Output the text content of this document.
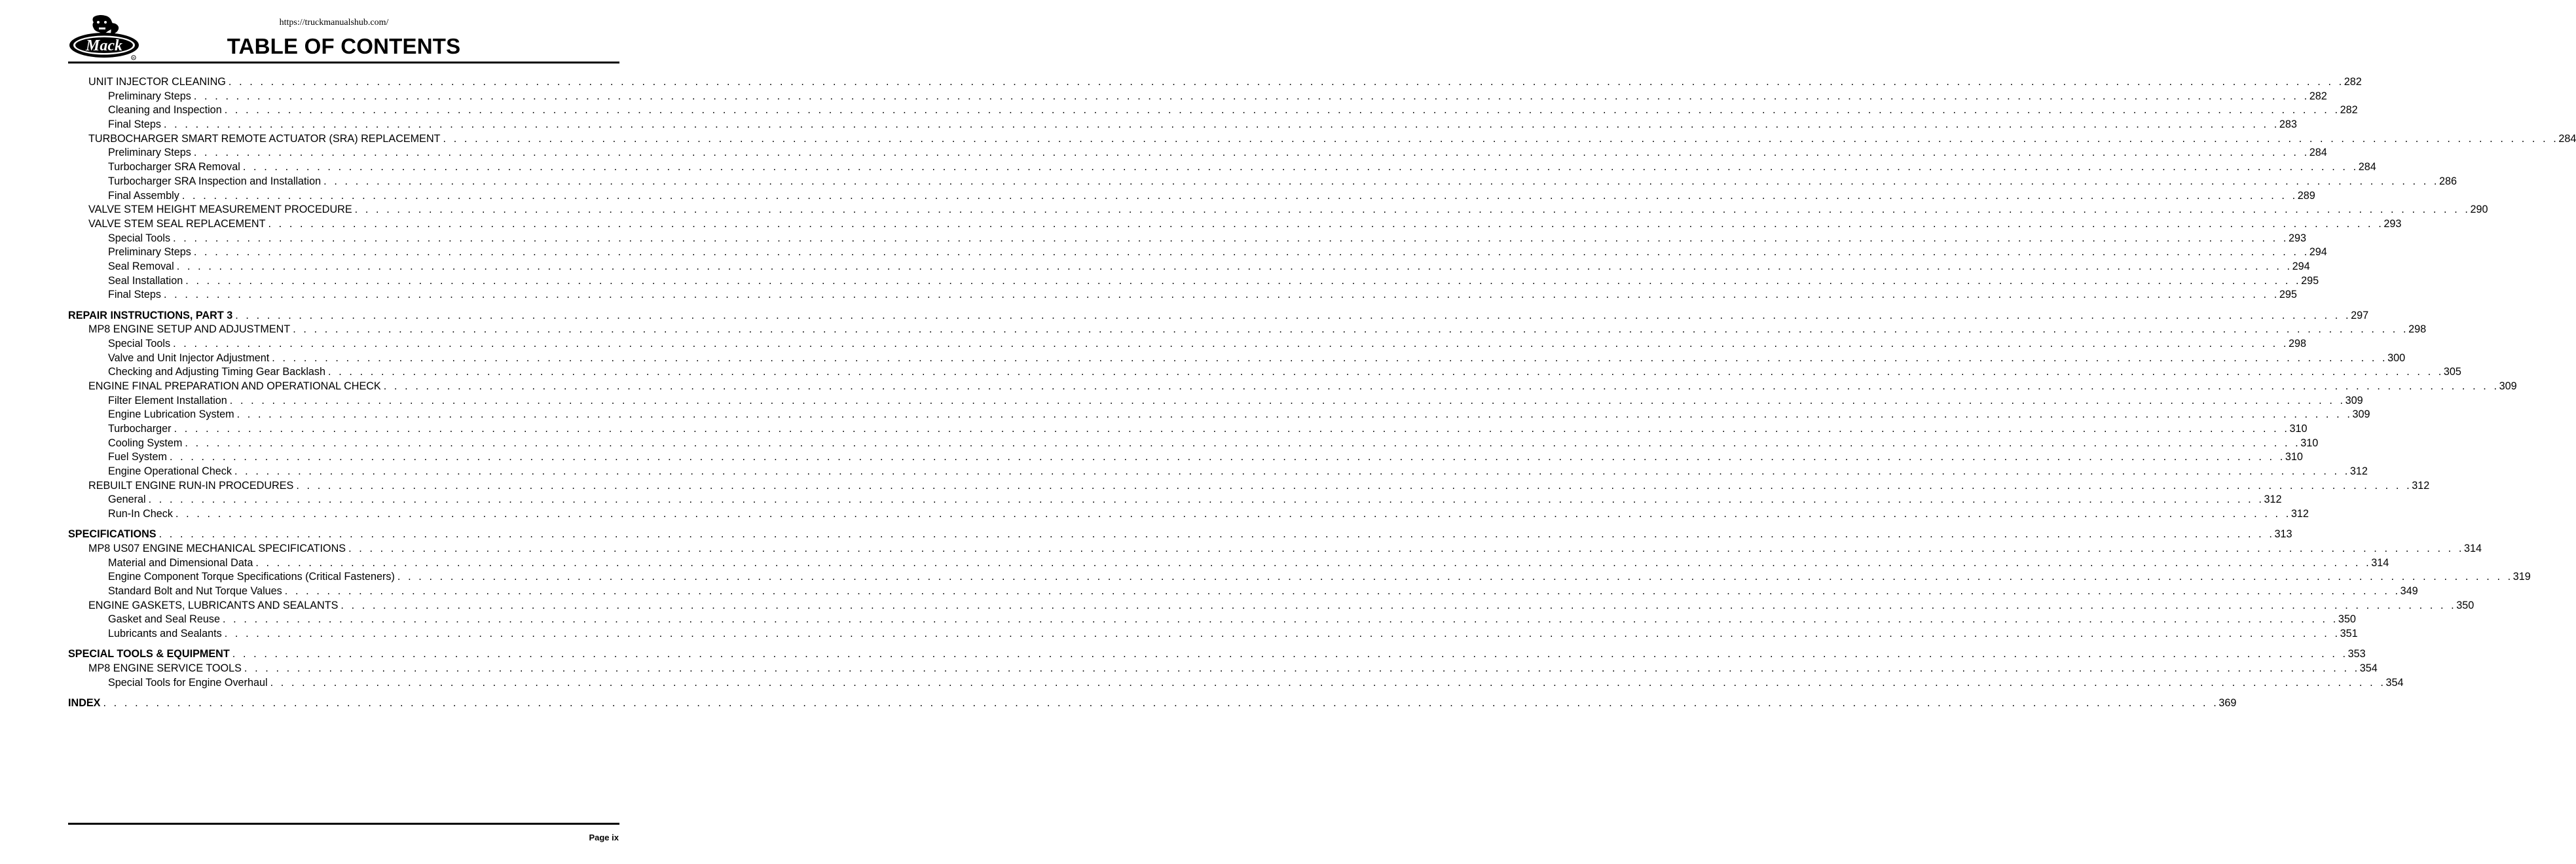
https://truckmanualshub.com/
Mack
R	TABLE OF CONTENTS
UNIT INJECTOR CLEANING . . . . . . . . . . . . . . . . . . . . . . . . . . . . . . . . . . . . . . . . . . . . . . . . . . . . . . . . . . . . . . . . . . . . . . . . . . . . . . . . . . . . . . . . . . . . . . . . . . . . . . . . . . . . . . . . . . . . . . . . . . . . . . . . . . . . . . . . . . . . . . . . . . . . . . . . . . . . . . . . . . . . . . . . . . . . . . . . . . . . . . . . . . . . . . . . . . . . . . . . 282
Preliminary Steps . . . . . . . . . . . . . . . . . . . . . . . . . . . . . . . . . . . . . . . . . . . . . . . . . . . . . . . . . . . . . . . . . . . . . . . . . . . . . . . . . . . . . . . . . . . . . . . . . . . . . . . . . . . . . . . . . . . . . . . . . . . . . . . . . . . . . . . . . . . . . . . . . . . . . . . . . . . . . . . . . . . . . . . . . . . . . . . . . . . . . . . . . . . . . . . . . . . . . . . . 282
Cleaning and Inspection . . . . . . . . . . . . . . . . . . . . . . . . . . . . . . . . . . . . . . . . . . . . . . . . . . . . . . . . . . . . . . . . . . . . . . . . . . . . . . . . . . . . . . . . . . . . . . . . . . . . . . . . . . . . . . . . . . . . . . . . . . . . . . . . . . . . . . . . . . . . . . . . . . . . . . . . . . . . . . . . . . . . . . . . . . . . . . . . . . . . . . . . . . . . . . . . . . . . . . . . 282
Final Steps . . . . . . . . . . . . . . . . . . . . . . . . . . . . . . . . . . . . . . . . . . . . . . . . . . . . . . . . . . . . . . . . . . . . . . . . . . . . . . . . . . . . . . . . . . . . . . . . . . . . . . . . . . . . . . . . . . . . . . . . . . . . . . . . . . . . . . . . . . . . . . . . . . . . . . . . . . . . . . . . . . . . . . . . . . . . . . . . . . . . . . . . . . . . . . . . . . . . . . . . 283
TURBOCHARGER SMART REMOTE ACTUATOR (SRA) REPLACEMENT . . . . . . . . . . . . . . . . . . . . . . . . . . . . . . . . . . . . . . . . . . . . . . . . . . . . . . . . . . . . . . . . . . . . . . . . . . . . . . . . . . . . . . . . . . . . . . . . . . . . . . . . . . . . . . . . . . . . . . . . . . . . . . . . . . . . . . . . . . . . . . . . . . . . . . . . . . . . . . . . . . . . . . . . . . . . . . . . . . . . . . . . . . . . . . . . . . . . . . . . 284
Preliminary Steps . . . . . . . . . . . . . . . . . . . . . . . . . . . . . . . . . . . . . . . . . . . . . . . . . . . . . . . . . . . . . . . . . . . . . . . . . . . . . . . . . . . . . . . . . . . . . . . . . . . . . . . . . . . . . . . . . . . . . . . . . . . . . . . . . . . . . . . . . . . . . . . . . . . . . . . . . . . . . . . . . . . . . . . . . . . . . . . . . . . . . . . . . . . . . . . . . . . . . . . . 284
Turbocharger SRA Removal . . . . . . . . . . . . . . . . . . . . . . . . . . . . . . . . . . . . . . . . . . . . . . . . . . . . . . . . . . . . . . . . . . . . . . . . . . . . . . . . . . . . . . . . . . . . . . . . . . . . . . . . . . . . . . . . . . . . . . . . . . . . . . . . . . . . . . . . . . . . . . . . . . . . . . . . . . . . . . . . . . . . . . . . . . . . . . . . . . . . . . . . . . . . . . . . . . . . . . . . 284
Turbocharger SRA Inspection and Installation . . . . . . . . . . . . . . . . . . . . . . . . . . . . . . . . . . . . . . . . . . . . . . . . . . . . . . . . . . . . . . . . . . . . . . . . . . . . . . . . . . . . . . . . . . . . . . . . . . . . . . . . . . . . . . . . . . . . . . . . . . . . . . . . . . . . . . . . . . . . . . . . . . . . . . . . . . . . . . . . . . . . . . . . . . . . . . . . . . . . . . . . . . . . . . . . . . . . . . . . 286
Final Assembly . . . . . . . . . . . . . . . . . . . . . . . . . . . . . . . . . . . . . . . . . . . . . . . . . . . . . . . . . . . . . . . . . . . . . . . . . . . . . . . . . . . . . . . . . . . . . . . . . . . . . . . . . . . . . . . . . . . . . . . . . . . . . . . . . . . . . . . . . . . . . . . . . . . . . . . . . . . . . . . . . . . . . . . . . . . . . . . . . . . . . . . . . . . . . . . . . . . . . . . . 289
VALVE STEM HEIGHT MEASUREMENT PROCEDURE . . . . . . . . . . . . . . . . . . . . . . . . . . . . . . . . . . . . . . . . . . . . . . . . . . . . . . . . . . . . . . . . . . . . . . . . . . . . . . . . . . . . . . . . . . . . . . . . . . . . . . . . . . . . . . . . . . . . . . . . . . . . . . . . . . . . . . . . . . . . . . . . . . . . . . . . . . . . . . . . . . . . . . . . . . . . . . . . . . . . . . . . . . . . . . . . . . . . . . . . 290
VALVE STEM SEAL REPLACEMENT . . . . . . . . . . . . . . . . . . . . . . . . . . . . . . . . . . . . . . . . . . . . . . . . . . . . . . . . . . . . . . . . . . . . . . . . . . . . . . . . . . . . . . . . . . . . . . . . . . . . . . . . . . . . . . . . . . . . . . . . . . . . . . . . . . . . . . . . . . . . . . . . . . . . . . . . . . . . . . . . . . . . . . . . . . . . . . . . . . . . . . . . . . . . . . . . . . . . . . . . 293
Special Tools . . . . . . . . . . . . . . . . . . . . . . . . . . . . . . . . . . . . . . . . . . . . . . . . . . . . . . . . . . . . . . . . . . . . . . . . . . . . . . . . . . . . . . . . . . . . . . . . . . . . . . . . . . . . . . . . . . . . . . . . . . . . . . . . . . . . . . . . . . . . . . . . . . . . . . . . . . . . . . . . . . . . . . . . . . . . . . . . . . . . . . . . . . . . . . . . . . . . . . . . 293
Preliminary Steps . . . . . . . . . . . . . . . . . . . . . . . . . . . . . . . . . . . . . . . . . . . . . . . . . . . . . . . . . . . . . . . . . . . . . . . . . . . . . . . . . . . . . . . . . . . . . . . . . . . . . . . . . . . . . . . . . . . . . . . . . . . . . . . . . . . . . . . . . . . . . . . . . . . . . . . . . . . . . . . . . . . . . . . . . . . . . . . . . . . . . . . . . . . . . . . . . . . . . . . . 294
Seal Removal . . . . . . . . . . . . . . . . . . . . . . . . . . . . . . . . . . . . . . . . . . . . . . . . . . . . . . . . . . . . . . . . . . . . . . . . . . . . . . . . . . . . . . . . . . . . . . . . . . . . . . . . . . . . . . . . . . . . . . . . . . . . . . . . . . . . . . . . . . . . . . . . . . . . . . . . . . . . . . . . . . . . . . . . . . . . . . . . . . . . . . . . . . . . . . . . . . . . . . . . 294
Seal Installation . . . . . . . . . . . . . . . . . . . . . . . . . . . . . . . . . . . . . . . . . . . . . . . . . . . . . . . . . . . . . . . . . . . . . . . . . . . . . . . . . . . . . . . . . . . . . . . . . . . . . . . . . . . . . . . . . . . . . . . . . . . . . . . . . . . . . . . . . . . . . . . . . . . . . . . . . . . . . . . . . . . . . . . . . . . . . . . . . . . . . . . . . . . . . . . . . . . . . . . . 295
Final Steps . . . . . . . . . . . . . . . . . . . . . . . . . . . . . . . . . . . . . . . . . . . . . . . . . . . . . . . . . . . . . . . . . . . . . . . . . . . . . . . . . . . . . . . . . . . . . . . . . . . . . . . . . . . . . . . . . . . . . . . . . . . . . . . . . . . . . . . . . . . . . . . . . . . . . . . . . . . . . . . . . . . . . . . . . . . . . . . . . . . . . . . . . . . . . . . . . . . . . . . . 295
REPAIR INSTRUCTIONS, PART 3 . . . . . . . . . . . . . . . . . . . . . . . . . . . . . . . . . . . . . . . . . . . . . . . . . . . . . . . . . . . . . . . . . . . . . . . . . . . . . . . . . . . . . . . . . . . . . . . . . . . . . . . . . . . . . . . . . . . . . . . . . . . . . . . . . . . . . . . . . . . . . . . . . . . . . . . . . . . . . . . . . . . . . . . . . . . . . . . . . . . . . . . . . . . . . . . . . . . . . . . . 297
MP8 ENGINE SETUP AND ADJUSTMENT . . . . . . . . . . . . . . . . . . . . . . . . . . . . . . . . . . . . . . . . . . . . . . . . . . . . . . . . . . . . . . . . . . . . . . . . . . . . . . . . . . . . . . . . . . . . . . . . . . . . . . . . . . . . . . . . . . . . . . . . . . . . . . . . . . . . . . . . . . . . . . . . . . . . . . . . . . . . . . . . . . . . . . . . . . . . . . . . . . . . . . . . . . . . . . . . . . . . . . . . 298
Special Tools . . . . . . . . . . . . . . . . . . . . . . . . . . . . . . . . . . . . . . . . . . . . . . . . . . . . . . . . . . . . . . . . . . . . . . . . . . . . . . . . . . . . . . . . . . . . . . . . . . . . . . . . . . . . . . . . . . . . . . . . . . . . . . . . . . . . . . . . . . . . . . . . . . . . . . . . . . . . . . . . . . . . . . . . . . . . . . . . . . . . . . . . . . . . . . . . . . . . . . . . 298
Valve and Unit Injector Adjustment . . . . . . . . . . . . . . . . . . . . . . . . . . . . . . . . . . . . . . . . . . . . . . . . . . . . . . . . . . . . . . . . . . . . . . . . . . . . . . . . . . . . . . . . . . . . . . . . . . . . . . . . . . . . . . . . . . . . . . . . . . . . . . . . . . . . . . . . . . . . . . . . . . . . . . . . . . . . . . . . . . . . . . . . . . . . . . . . . . . . . . . . . . . . . . . . . . . . . . . . 300
Checking and Adjusting Timing Gear Backlash . . . . . . . . . . . . . . . . . . . . . . . . . . . . . . . . . . . . . . . . . . . . . . . . . . . . . . . . . . . . . . . . . . . . . . . . . . . . . . . . . . . . . . . . . . . . . . . . . . . . . . . . . . . . . . . . . . . . . . . . . . . . . . . . . . . . . . . . . . . . . . . . . . . . . . . . . . . . . . . . . . . . . . . . . . . . . . . . . . . . . . . . . . . . . . . . . . . . . . . . 305
ENGINE FINAL PREPARATION AND OPERATIONAL CHECK . . . . . . . . . . . . . . . . . . . . . . . . . . . . . . . . . . . . . . . . . . . . . . . . . . . . . . . . . . . . . . . . . . . . . . . . . . . . . . . . . . . . . . . . . . . . . . . . . . . . . . . . . . . . . . . . . . . . . . . . . . . . . . . . . . . . . . . . . . . . . . . . . . . . . . . . . . . . . . . . . . . . . . . . . . . . . . . . . . . . . . . . . . . . . . . . . . . . . . . . 309
Filter Element Installation . . . . . . . . . . . . . . . . . . . . . . . . . . . . . . . . . . . . . . . . . . . . . . . . . . . . . . . . . . . . . . . . . . . . . . . . . . . . . . . . . . . . . . . . . . . . . . . . . . . . . . . . . . . . . . . . . . . . . . . . . . . . . . . . . . . . . . . . . . . . . . . . . . . . . . . . . . . . . . . . . . . . . . . . . . . . . . . . . . . . . . . . . . . . . . . . . . . . . . . . 309
Engine Lubrication System . . . . . . . . . . . . . . . . . . . . . . . . . . . . . . . . . . . . . . . . . . . . . . . . . . . . . . . . . . . . . . . . . . . . . . . . . . . . . . . . . . . . . . . . . . . . . . . . . . . . . . . . . . . . . . . . . . . . . . . . . . . . . . . . . . . . . . . . . . . . . . . . . . . . . . . . . . . . . . . . . . . . . . . . . . . . . . . . . . . . . . . . . . . . . . . . . . . . . . . . 309
Turbocharger . . . . . . . . . . . . . . . . . . . . . . . . . . . . . . . . . . . . . . . . . . . . . . . . . . . . . . . . . . . . . . . . . . . . . . . . . . . . . . . . . . . . . . . . . . . . . . . . . . . . . . . . . . . . . . . . . . . . . . . . . . . . . . . . . . . . . . . . . . . . . . . . . . . . . . . . . . . . . . . . . . . . . . . . . . . . . . . . . . . . . . . . . . . . . . . . . . . . . . . . 310
Cooling System . . . . . . . . . . . . . . . . . . . . . . . . . . . . . . . . . . . . . . . . . . . . . . . . . . . . . . . . . . . . . . . . . . . . . . . . . . . . . . . . . . . . . . . . . . . . . . . . . . . . . . . . . . . . . . . . . . . . . . . . . . . . . . . . . . . . . . . . . . . . . . . . . . . . . . . . . . . . . . . . . . . . . . . . . . . . . . . . . . . . . . . . . . . . . . . . . . . . . . . . 310
Fuel System . . . . . . . . . . . . . . . . . . . . . . . . . . . . . . . . . . . . . . . . . . . . . . . . . . . . . . . . . . . . . . . . . . . . . . . . . . . . . . . . . . . . . . . . . . . . . . . . . . . . . . . . . . . . . . . . . . . . . . . . . . . . . . . . . . . . . . . . . . . . . . . . . . . . . . . . . . . . . . . . . . . . . . . . . . . . . . . . . . . . . . . . . . . . . . . . . . . . . . . . 310
Engine Operational Check . . . . . . . . . . . . . . . . . . . . . . . . . . . . . . . . . . . . . . . . . . . . . . . . . . . . . . . . . . . . . . . . . . . . . . . . . . . . . . . . . . . . . . . . . . . . . . . . . . . . . . . . . . . . . . . . . . . . . . . . . . . . . . . . . . . . . . . . . . . . . . . . . . . . . . . . . . . . . . . . . . . . . . . . . . . . . . . . . . . . . . . . . . . . . . . . . . . . . . . . 312
REBUILT ENGINE RUN-IN PROCEDURES . . . . . . . . . . . . . . . . . . . . . . . . . . . . . . . . . . . . . . . . . . . . . . . . . . . . . . . . . . . . . . . . . . . . . . . . . . . . . . . . . . . . . . . . . . . . . . . . . . . . . . . . . . . . . . . . . . . . . . . . . . . . . . . . . . . . . . . . . . . . . . . . . . . . . . . . . . . . . . . . . . . . . . . . . . . . . . . . . . . . . . . . . . . . . . . . . . . . . . . . 312
General . . . . . . . . . . . . . . . . . . . . . . . . . . . . . . . . . . . . . . . . . . . . . . . . . . . . . . . . . . . . . . . . . . . . . . . . . . . . . . . . . . . . . . . . . . . . . . . . . . . . . . . . . . . . . . . . . . . . . . . . . . . . . . . . . . . . . . . . . . . . . . . . . . . . . . . . . . . . . . . . . . . . . . . . . . . . . . . . . . . . . . . . . . . . . . . . . . . . . . . . 312
Run-In Check . . . . . . . . . . . . . . . . . . . . . . . . . . . . . . . . . . . . . . . . . . . . . . . . . . . . . . . . . . . . . . . . . . . . . . . . . . . . . . . . . . . . . . . . . . . . . . . . . . . . . . . . . . . . . . . . . . . . . . . . . . . . . . . . . . . . . . . . . . . . . . . . . . . . . . . . . . . . . . . . . . . . . . . . . . . . . . . . . . . . . . . . . . . . . . . . . . . . . . . . 312
SPECIFICATIONS . . . . . . . . . . . . . . . . . . . . . . . . . . . . . . . . . . . . . . . . . . . . . . . . . . . . . . . . . . . . . . . . . . . . . . . . . . . . . . . . . . . . . . . . . . . . . . . . . . . . . . . . . . . . . . . . . . . . . . . . . . . . . . . . . . . . . . . . . . . . . . . . . . . . . . . . . . . . . . . . . . . . . . . . . . . . . . . . . . . . . . . . . . . . . . . . . . . . . . . . 313
MP8 US07 ENGINE MECHANICAL SPECIFICATIONS . . . . . . . . . . . . . . . . . . . . . . . . . . . . . . . . . . . . . . . . . . . . . . . . . . . . . . . . . . . . . . . . . . . . . . . . . . . . . . . . . . . . . . . . . . . . . . . . . . . . . . . . . . . . . . . . . . . . . . . . . . . . . . . . . . . . . . . . . . . . . . . . . . . . . . . . . . . . . . . . . . . . . . . . . . . . . . . . . . . . . . . . . . . . . . . . . . . . . . . . 314
Material and Dimensional Data . . . . . . . . . . . . . . . . . . . . . . . . . . . . . . . . . . . . . . . . . . . . . . . . . . . . . . . . . . . . . . . . . . . . . . . . . . . . . . . . . . . . . . . . . . . . . . . . . . . . . . . . . . . . . . . . . . . . . . . . . . . . . . . . . . . . . . . . . . . . . . . . . . . . . . . . . . . . . . . . . . . . . . . . . . . . . . . . . . . . . . . . . . . . . . . . . . . . . . . . 314
Engine Component Torque Specifications (Critical Fasteners) . . . . . . . . . . . . . . . . . . . . . . . . . . . . . . . . . . . . . . . . . . . . . . . . . . . . . . . . . . . . . . . . . . . . . . . . . . . . . . . . . . . . . . . . . . . . . . . . . . . . . . . . . . . . . . . . . . . . . . . . . . . . . . . . . . . . . . . . . . . . . . . . . . . . . . . . . . . . . . . . . . . . . . . . . . . . . . . . . . . . . . . . . . . . . . . . . . . . . . . . 319
Standard Bolt and Nut Torque Values . . . . . . . . . . . . . . . . . . . . . . . . . . . . . . . . . . . . . . . . . . . . . . . . . . . . . . . . . . . . . . . . . . . . . . . . . . . . . . . . . . . . . . . . . . . . . . . . . . . . . . . . . . . . . . . . . . . . . . . . . . . . . . . . . . . . . . . . . . . . . . . . . . . . . . . . . . . . . . . . . . . . . . . . . . . . . . . . . . . . . . . . . . . . . . . . . . . . . . . . 349
ENGINE GASKETS, LUBRICANTS AND SEALANTS . . . . . . . . . . . . . . . . . . . . . . . . . . . . . . . . . . . . . . . . . . . . . . . . . . . . . . . . . . . . . . . . . . . . . . . . . . . . . . . . . . . . . . . . . . . . . . . . . . . . . . . . . . . . . . . . . . . . . . . . . . . . . . . . . . . . . . . . . . . . . . . . . . . . . . . . . . . . . . . . . . . . . . . . . . . . . . . . . . . . . . . . . . . . . . . . . . . . . . . . 350
Gasket and Seal Reuse . . . . . . . . . . . . . . . . . . . . . . . . . . . . . . . . . . . . . . . . . . . . . . . . . . . . . . . . . . . . . . . . . . . . . . . . . . . . . . . . . . . . . . . . . . . . . . . . . . . . . . . . . . . . . . . . . . . . . . . . . . . . . . . . . . . . . . . . . . . . . . . . . . . . . . . . . . . . . . . . . . . . . . . . . . . . . . . . . . . . . . . . . . . . . . . . . . . . . . . . 350
Lubricants and Sealants . . . . . . . . . . . . . . . . . . . . . . . . . . . . . . . . . . . . . . . . . . . . . . . . . . . . . . . . . . . . . . . . . . . . . . . . . . . . . . . . . . . . . . . . . . . . . . . . . . . . . . . . . . . . . . . . . . . . . . . . . . . . . . . . . . . . . . . . . . . . . . . . . . . . . . . . . . . . . . . . . . . . . . . . . . . . . . . . . . . . . . . . . . . . . . . . . . . . . . . . 351
SPECIAL TOOLS & EQUIPMENT . . . . . . . . . . . . . . . . . . . . . . . . . . . . . . . . . . . . . . . . . . . . . . . . . . . . . . . . . . . . . . . . . . . . . . . . . . . . . . . . . . . . . . . . . . . . . . . . . . . . . . . . . . . . . . . . . . . . . . . . . . . . . . . . . . . . . . . . . . . . . . . . . . . . . . . . . . . . . . . . . . . . . . . . . . . . . . . . . . . . . . . . . . . . . . . . . . . . . . . . 353
MP8 ENGINE SERVICE TOOLS . . . . . . . . . . . . . . . . . . . . . . . . . . . . . . . . . . . . . . . . . . . . . . . . . . . . . . . . . . . . . . . . . . . . . . . . . . . . . . . . . . . . . . . . . . . . . . . . . . . . . . . . . . . . . . . . . . . . . . . . . . . . . . . . . . . . . . . . . . . . . . . . . . . . . . . . . . . . . . . . . . . . . . . . . . . . . . . . . . . . . . . . . . . . . . . . . . . . . . . . 354
Special Tools for Engine Overhaul . . . . . . . . . . . . . . . . . . . . . . . . . . . . . . . . . . . . . . . . . . . . . . . . . . . . . . . . . . . . . . . . . . . . . . . . . . . . . . . . . . . . . . . . . . . . . . . . . . . . . . . . . . . . . . . . . . . . . . . . . . . . . . . . . . . . . . . . . . . . . . . . . . . . . . . . . . . . . . . . . . . . . . . . . . . . . . . . . . . . . . . . . . . . . . . . . . . . . . . . 354
INDEX . . . . . . . . . . . . . . . . . . . . . . . . . . . . . . . . . . . . . . . . . . . . . . . . . . . . . . . . . . . . . . . . . . . . . . . . . . . . . . . . . . . . . . . . . . . . . . . . . . . . . . . . . . . . . . . . . . . . . . . . . . . . . . . . . . . . . . . . . . . . . . . . . . . . . . . . . . . . . . . . . . . . . . . . . . . . . . . . . . . . . . . . . . . . . . . . . . . . . . . . 369
Page ix
